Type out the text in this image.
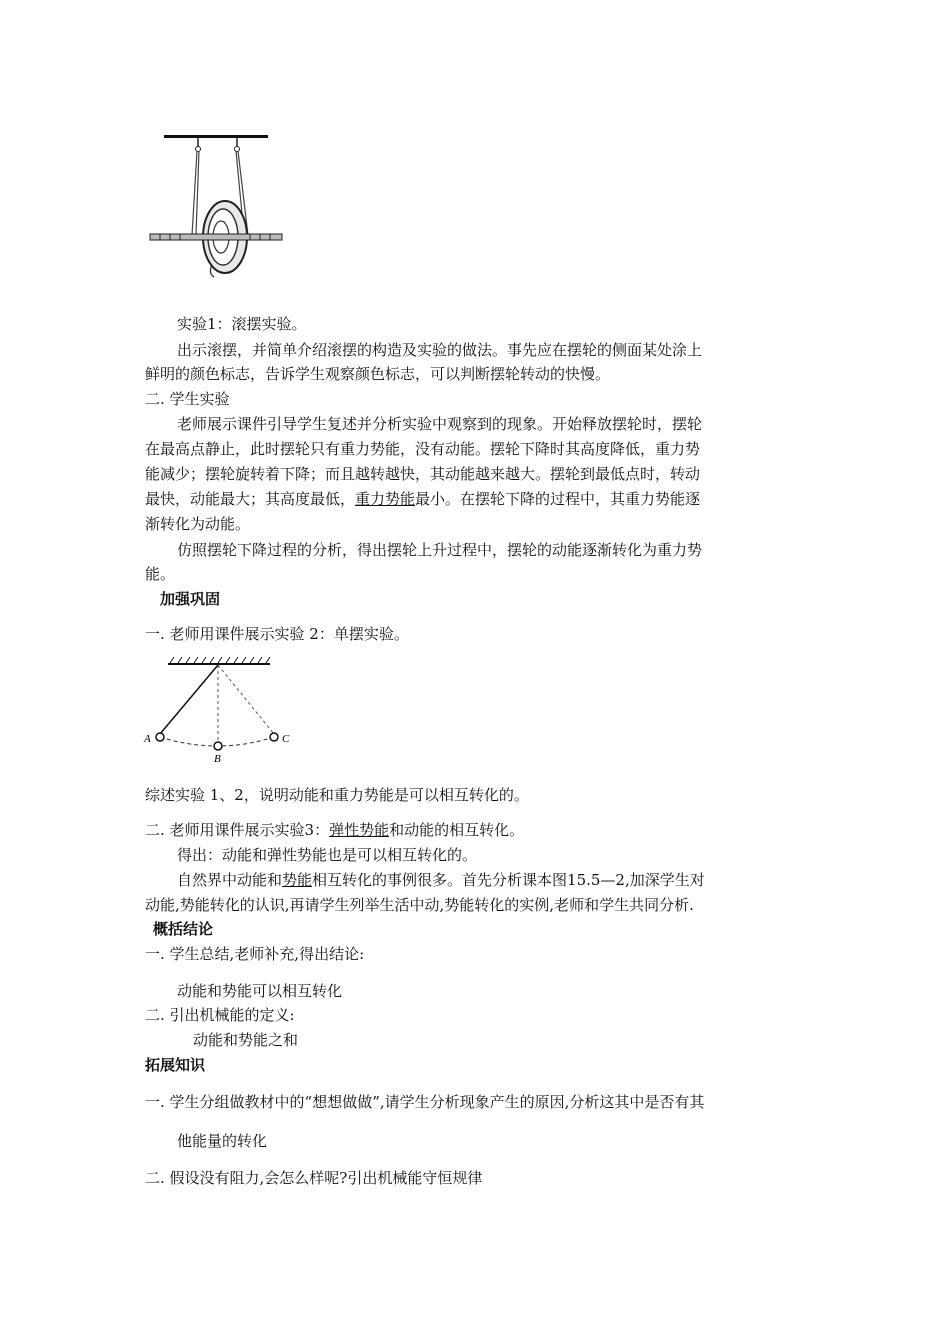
实验1：滚摆实验。
出示滚摆，并简单介绍滚摆的构造及实验的做法。事先应在摆轮的侧面某处涂上
鲜明的颜色标志，告诉学生观察颜色标志，可以判断摆轮转动的快慢。
二. 学生实验
老师展示课件引导学生复述并分析实验中观察到的现象。开始释放摆轮时，摆轮
在最高点静止，此时摆轮只有重力势能，没有动能。摆轮下降时其高度降低，重力势
能减少；摆轮旋转着下降；而且越转越快，其动能越来越大。摆轮到最低点时，转动
最快，动能最大；其高度最低，重力势能最小。在摆轮下降的过程中，其重力势能逐
渐转化为动能。
仿照摆轮下降过程的分析，得出摆轮上升过程中，摆轮的动能逐渐转化为重力势
能。
加强巩固
一. 老师用课件展示实验 2：单摆实验。
A
B
C
综述实验 1、2，说明动能和重力势能是可以相互转化的。
二. 老师用课件展示实验3：弹性势能和动能的相互转化。
得出：动能和弹性势能也是可以相互转化的。
自然界中动能和势能相互转化的事例很多。首先分析课本图15.5—2,加深学生对
动能,势能转化的认识,再请学生列举生活中动,势能转化的实例,老师和学生共同分析.
概括结论
一. 学生总结,老师补充,得出结论:
动能和势能可以相互转化
二. 引出机械能的定义:
动能和势能之和
拓展知识
一. 学生分组做教材中的“想想做做”,请学生分析现象产生的原因,分析这其中是否有其
他能量的转化
二. 假设没有阻力,会怎么样呢?引出机械能守恒规律
